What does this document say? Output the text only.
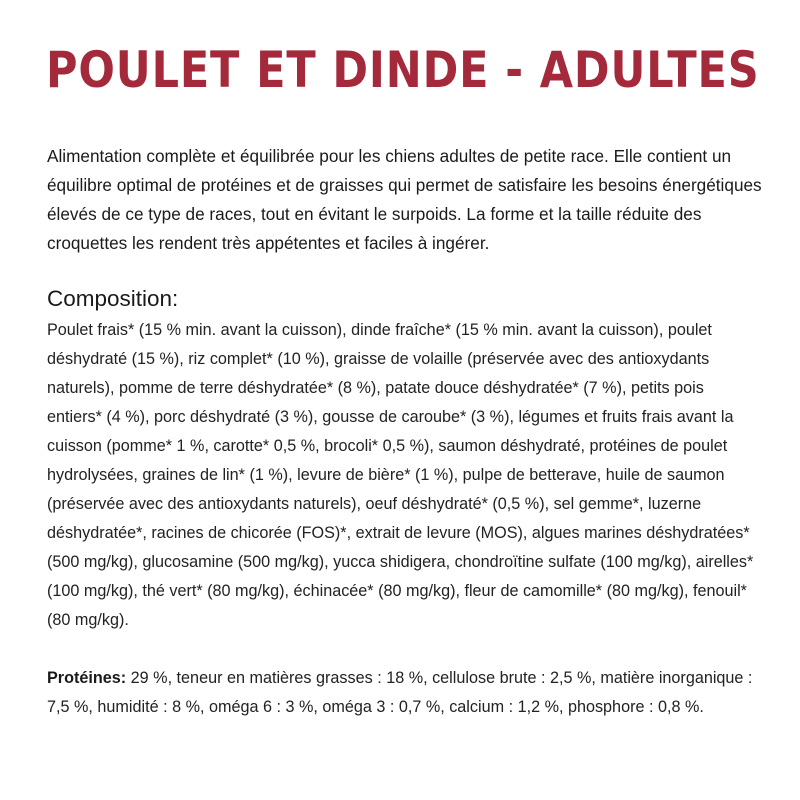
POULET ET DINDE - ADULTES

Alimentation complète et équilibrée pour les chiens adultes de petite race. Elle contient un équilibre optimal de protéines et de graisses qui permet de satisfaire les besoins énergétiques élevés de ce type de races, tout en évitant le surpoids. La forme et la taille réduite des croquettes les rendent très appétentes et faciles à ingérer.

Composition:

Poulet frais* (15 % min. avant la cuisson), dinde fraîche* (15 % min. avant la cuisson), poulet déshydraté (15 %), riz complet* (10 %), graisse de volaille (préservée avec des antioxydants naturels), pomme de terre déshydratée* (8 %), patate douce déshydratée* (7 %), petits pois entiers* (4 %), porc déshydraté (3 %), gousse de caroube* (3 %), légumes et fruits frais avant la cuisson (pomme* 1 %, carotte* 0,5 %, brocoli* 0,5 %), saumon déshydraté, protéines de poulet hydrolysées, graines de lin* (1 %), levure de bière* (1 %), pulpe de betterave, huile de saumon (préservée avec des antioxydants naturels), oeuf déshydraté* (0,5 %), sel gemme*, luzerne déshydratée*, racines de chicorée (FOS)*, extrait de levure (MOS), algues marines déshydratées* (500 mg/kg), glucosamine (500 mg/kg), yucca shidigera, chondroïtine sulfate (100 mg/kg), airelles* (100 mg/kg), thé vert* (80 mg/kg), échinacée* (80 mg/kg), fleur de camomille* (80 mg/kg), fenouil* (80 mg/kg).

Protéines: 29 %, teneur en matières grasses : 18 %, cellulose brute : 2,5 %, matière inorganique : 7,5 %, humidité : 8 %, oméga 6 : 3 %, oméga 3 : 0,7 %, calcium : 1,2 %, phosphore : 0,8 %.
